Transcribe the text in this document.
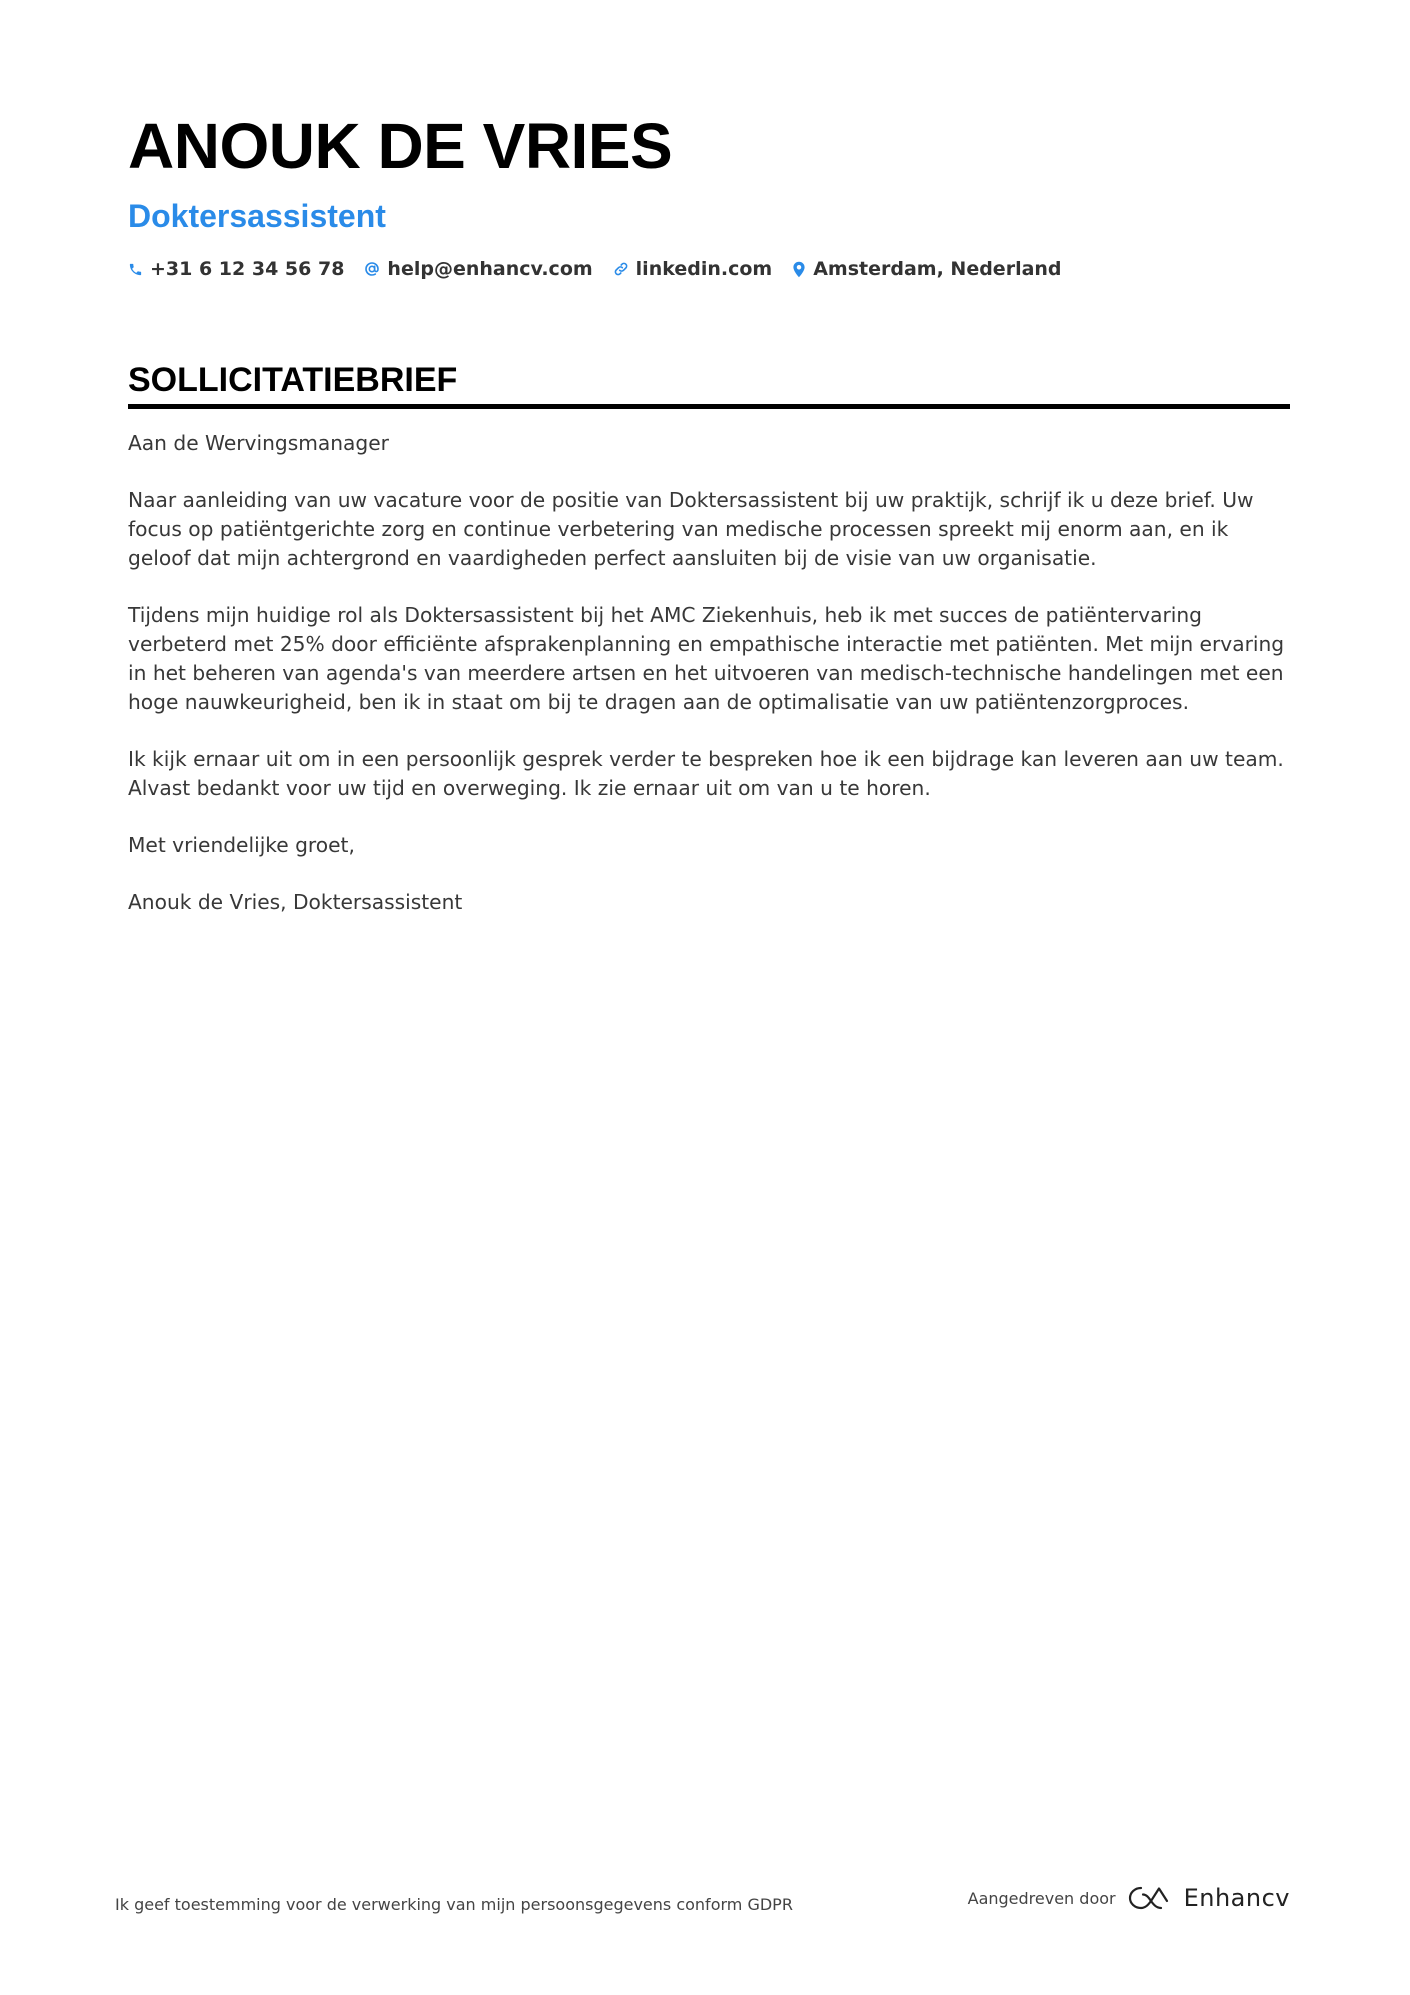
ANOUK DE VRIES
Doktersassistent
+31 6 12 34 56 78 help@enhancv.com linkedin.com Amsterdam, Nederland
SOLLICITATIEBRIEF

Aan de Wervingsmanager

Naar aanleiding van uw vacature voor de positie van Doktersassistent bij uw praktijk, schrijf ik u deze brief. Uw focus op patiëntgerichte zorg en continue verbetering van medische processen spreekt mij enorm aan, en ik geloof dat mijn achtergrond en vaardigheden perfect aansluiten bij de visie van uw organisatie.

Tijdens mijn huidige rol als Doktersassistent bij het AMC Ziekenhuis, heb ik met succes de patiëntervaring verbeterd met 25% door efficiënte afsprakenplanning en empathische interactie met patiënten. Met mijn ervaring in het beheren van agenda's van meerdere artsen en het uitvoeren van medisch-technische handelingen met een hoge nauwkeurigheid, ben ik in staat om bij te dragen aan de optimalisatie van uw patiëntenzorgproces.

Ik kijk ernaar uit om in een persoonlijk gesprek verder te bespreken hoe ik een bijdrage kan leveren aan uw team. Alvast bedankt voor uw tijd en overweging. Ik zie ernaar uit om van u te horen.

Met vriendelijke groet,

Anouk de Vries, Doktersassistent

Ik geef toestemming voor de verwerking van mijn persoonsgegevens conform GDPR	Aangedreven door	Enhancv
